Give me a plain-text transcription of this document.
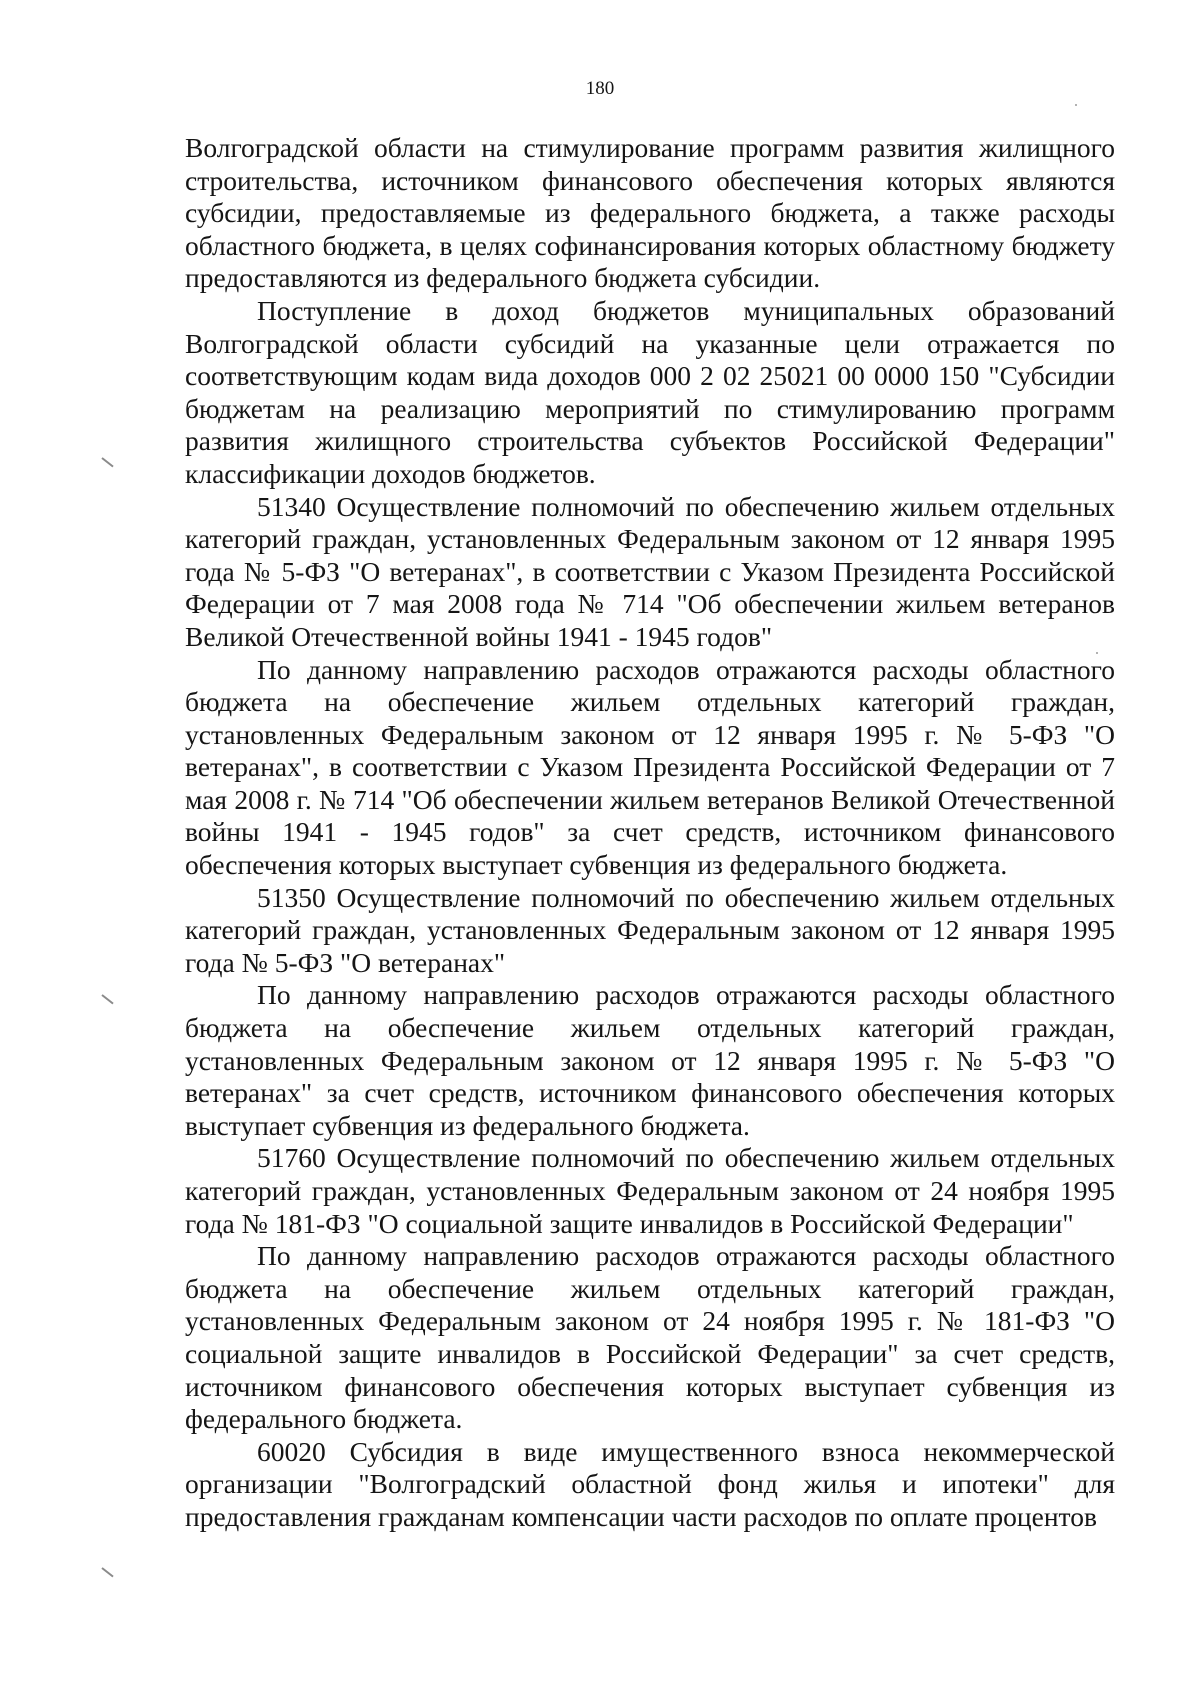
180

Волгоградской области на стимулирование программ развития жилищного строительства, источником финансового обеспечения которых являются субсидии, предоставляемые из федерального бюджета, а также расходы областного бюджета, в целях софинансирования которых областному бюджету предоставляются из федерального бюджета субсидии.

Поступление в доход бюджетов муниципальных образований Волгоградской области субсидий на указанные цели отражается по соответствующим кодам вида доходов 000 2 02 25021 00 0000 150 "Субсидии бюджетам на реализацию мероприятий по стимулированию программ развития жилищного строительства субъектов Российской Федерации" классификации доходов бюджетов.

51340 Осуществление полномочий по обеспечению жильем отдельных категорий граждан, установленных Федеральным законом от 12 января 1995 года № 5-ФЗ "О ветеранах", в соответствии с Указом Президента Российской Федерации от 7 мая 2008 года № 714 "Об обеспечении жильем ветеранов Великой Отечественной войны 1941 - 1945 годов"

По данному направлению расходов отражаются расходы областного бюджета на обеспечение жильем отдельных категорий граждан, установленных Федеральным законом от 12 января 1995 г. № 5-ФЗ "О ветеранах", в соответствии с Указом Президента Российской Федерации от 7 мая 2008 г. № 714 "Об обеспечении жильем ветеранов Великой Отечественной войны 1941 - 1945 годов" за счет средств, источником финансового обеспечения которых выступает субвенция из федерального бюджета.

51350 Осуществление полномочий по обеспечению жильем отдельных категорий граждан, установленных Федеральным законом от 12 января 1995 года № 5-ФЗ "О ветеранах"

По данному направлению расходов отражаются расходы областного бюджета на обеспечение жильем отдельных категорий граждан, установленных Федеральным законом от 12 января 1995 г. № 5-ФЗ "О ветеранах" за счет средств, источником финансового обеспечения которых выступает субвенция из федерального бюджета.

51760 Осуществление полномочий по обеспечению жильем отдельных категорий граждан, установленных Федеральным законом от 24 ноября 1995 года № 181-ФЗ "О социальной защите инвалидов в Российской Федерации"

По данному направлению расходов отражаются расходы областного бюджета на обеспечение жильем отдельных категорий граждан, установленных Федеральным законом от 24 ноября 1995 г. № 181-ФЗ "О социальной защите инвалидов в Российской Федерации" за счет средств, источником финансового обеспечения которых выступает субвенция из федерального бюджета.

60020 Субсидия в виде имущественного взноса некоммерческой организации "Волгоградский областной фонд жилья и ипотеки" для предоставления гражданам компенсации части расходов по оплате процентов
